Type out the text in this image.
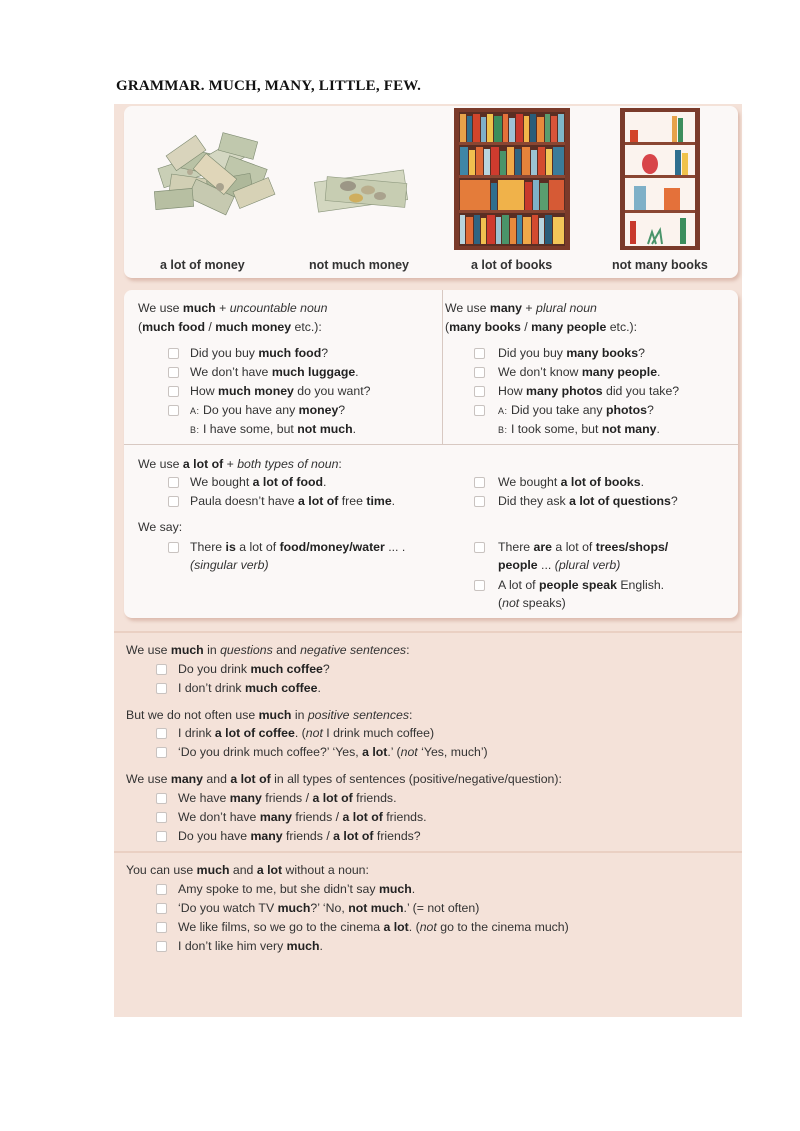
GRAMMAR. MUCH, MANY, LITTLE, FEW.
a lot of money	not much money	a lot of books	not many books
We use much + uncountable noun
(much food / much money etc.):
Did you buy much food?
We don’t have much luggage.
How much money do you want?
A: Do you have any money?
B: I have some, but not much.
We use many + plural noun
(many books / many people etc.):
Did you buy many books?
We don’t know many people.
How many photos did you take?
A: Did you take any photos?
B: I took some, but not many.
We use a lot of + both types of noun:
We bought a lot of food.
Paula doesn’t have a lot of free time.
We bought a lot of books.
Did they ask a lot of questions?
We say:
There is a lot of food/money/water ... .
(singular verb)
There are a lot of trees/shops/
people ... (plural verb)
A lot of people speak English.
(not speaks)
We use much in questions and negative sentences:
Do you drink much coffee?
I don’t drink much coffee.
But we do not often use much in positive sentences:
I drink a lot of coffee. (not I drink much coffee)
‘Do you drink much coffee?’ ‘Yes, a lot.’ (not ‘Yes, much’)
We use many and a lot of in all types of sentences (positive/negative/question):
We have many friends / a lot of friends.
We don’t have many friends / a lot of friends.
Do you have many friends / a lot of friends?
You can use much and a lot without a noun:
Amy spoke to me, but she didn’t say much.
‘Do you watch TV much?’ ‘No, not much.’ (= not often)
We like films, so we go to the cinema a lot. (not go to the cinema much)
I don’t like him very much.
